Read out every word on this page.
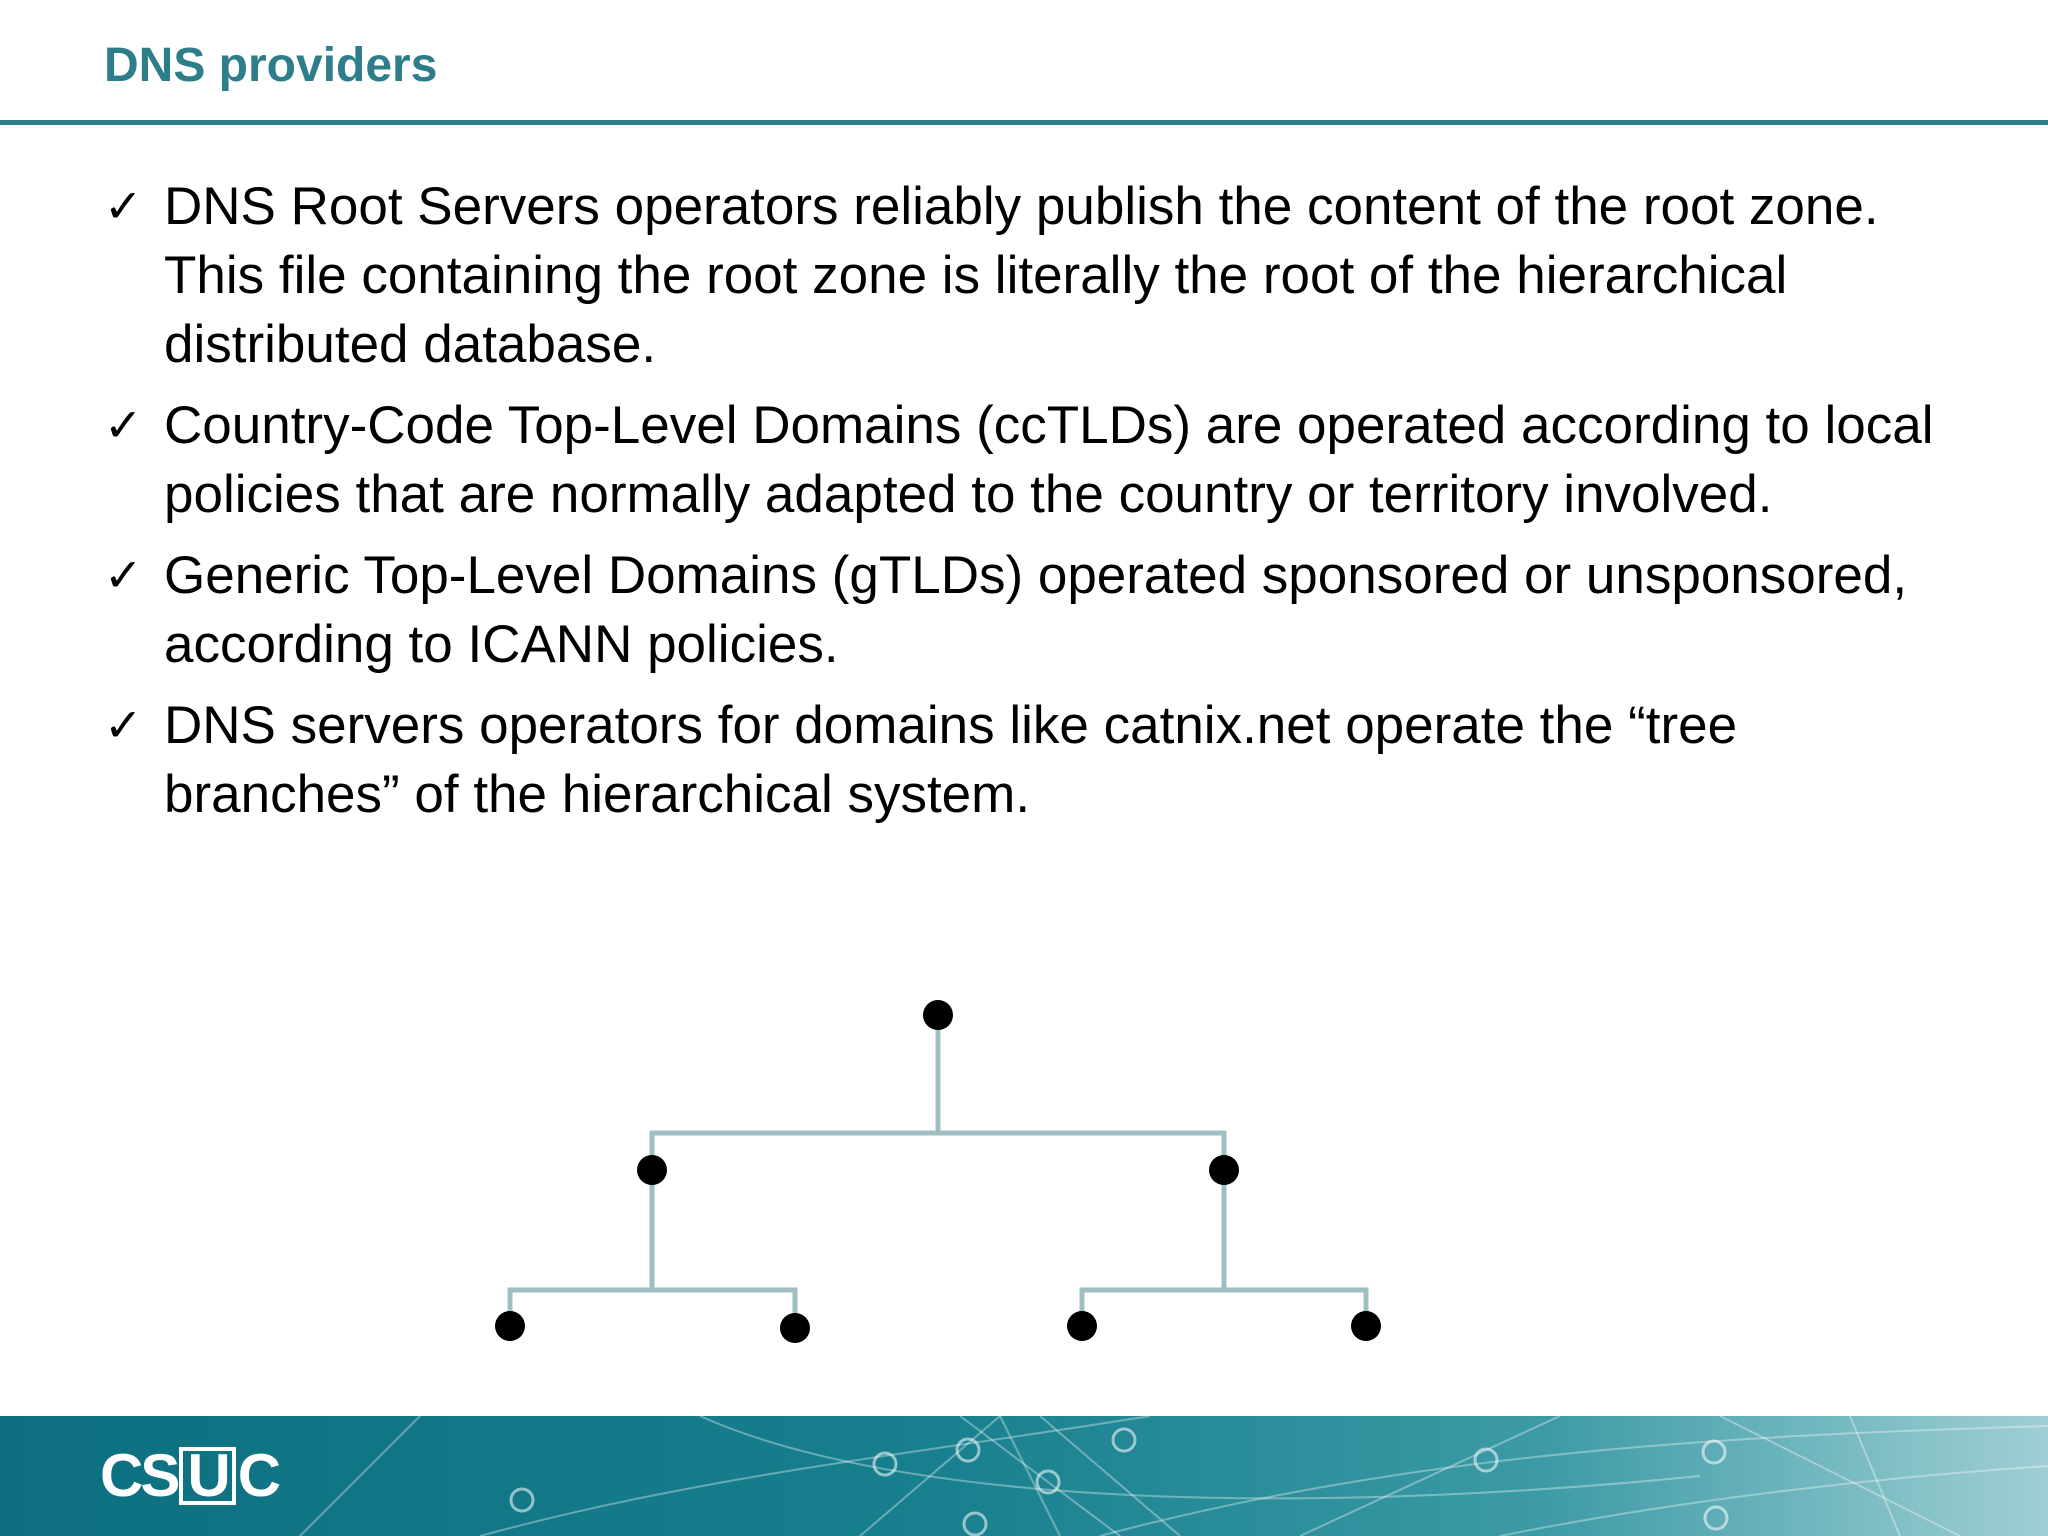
DNS providers
✓ DNS Root Servers operators reliably publish the content of the root zone. This file containing the root zone is literally the root of the hierarchical distributed database.
✓ Country-Code Top-Level Domains (ccTLDs) are operated according to local policies that are normally adapted to the country or territory involved.
✓ Generic Top-Level Domains (gTLDs) operated sponsored or unsponsored, according to ICANN policies.
✓ DNS servers operators for domains like catnix.net operate the “tree branches” of the hierarchical system.
CS U C
